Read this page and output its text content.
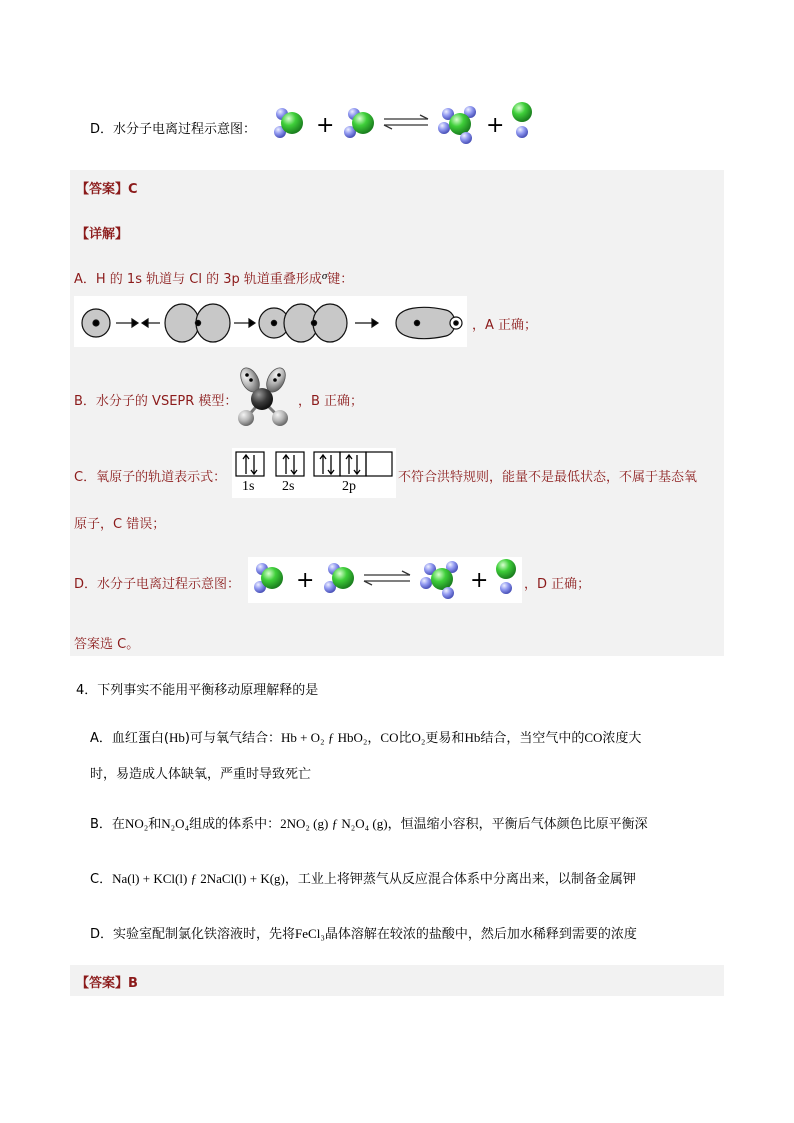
D．水分子电离过程示意图：	+	+
【答案】C
【详解】
A．H 的 1s 轨道与 Cl 的 3p 轨道重叠形成$^\sigma$键：
，A 正确；
B．水分子的 VSEPR 模型：	，B 正确；
C．氧原子的轨道表示式：
1s 2s	2p
不符合洪特规则，能量不是最低状态，不属于基态氧
原子，C 错误；
D．水分子电离过程示意图：	+	+	，D 正确；
答案选 C。
4．下列事实不能用平衡移动原理解释的是
A．血红蛋白(Hb)可与氧气结合：Hb + O₂ ƒ HbO₂，CO比O₂更易和Hb结合，当空气中的CO浓度大
时，易造成人体缺氧，严重时导致死亡
B．在NO₂和N₂O₄组成的体系中：2NO₂ (g) ƒ N₂O₄ (g)，恒温缩小容积，平衡后气体颜色比原平衡深
C．Na(l) + KCl(l) ƒ 2NaCl(l) + K(g)，工业上将钾蒸气从反应混合体系中分离出来，以制备金属钾
D．实验室配制氯化铁溶液时，先将FeCl₃晶体溶解在较浓的盐酸中，然后加水稀释到需要的浓度
【答案】B
